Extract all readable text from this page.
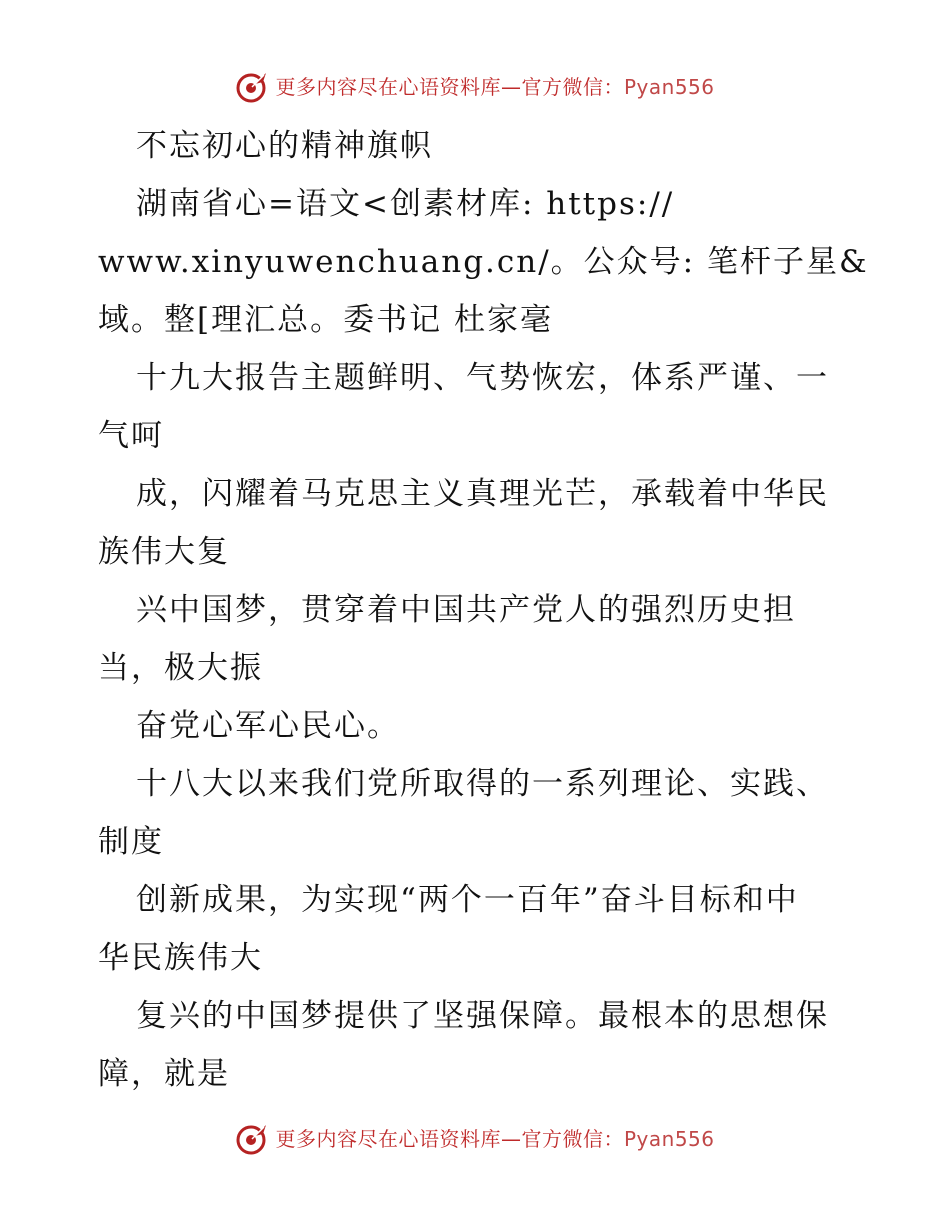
更多内容尽在心语资料库—官方微信：Pyan556
不忘初心的精神旗帜
湖南省心=语文<创素材库: https://
www.xinyuwenchuang.cn/。公众号: 笔杆子星&
域。整[理汇总。委书记 杜家毫
十九大报告主题鲜明、气势恢宏，体系严谨、一
气呵
成，闪耀着马克思主义真理光芒，承载着中华民
族伟大复
兴中国梦，贯穿着中国共产党人的强烈历史担
当，极大振
奋党心军心民心。
十八大以来我们党所取得的一系列理论、实践、
制度
创新成果，为实现“两个一百年”奋斗目标和中
华民族伟大
复兴的中国梦提供了坚强保障。最根本的思想保
障，就是
更多内容尽在心语资料库—官方微信：Pyan556
